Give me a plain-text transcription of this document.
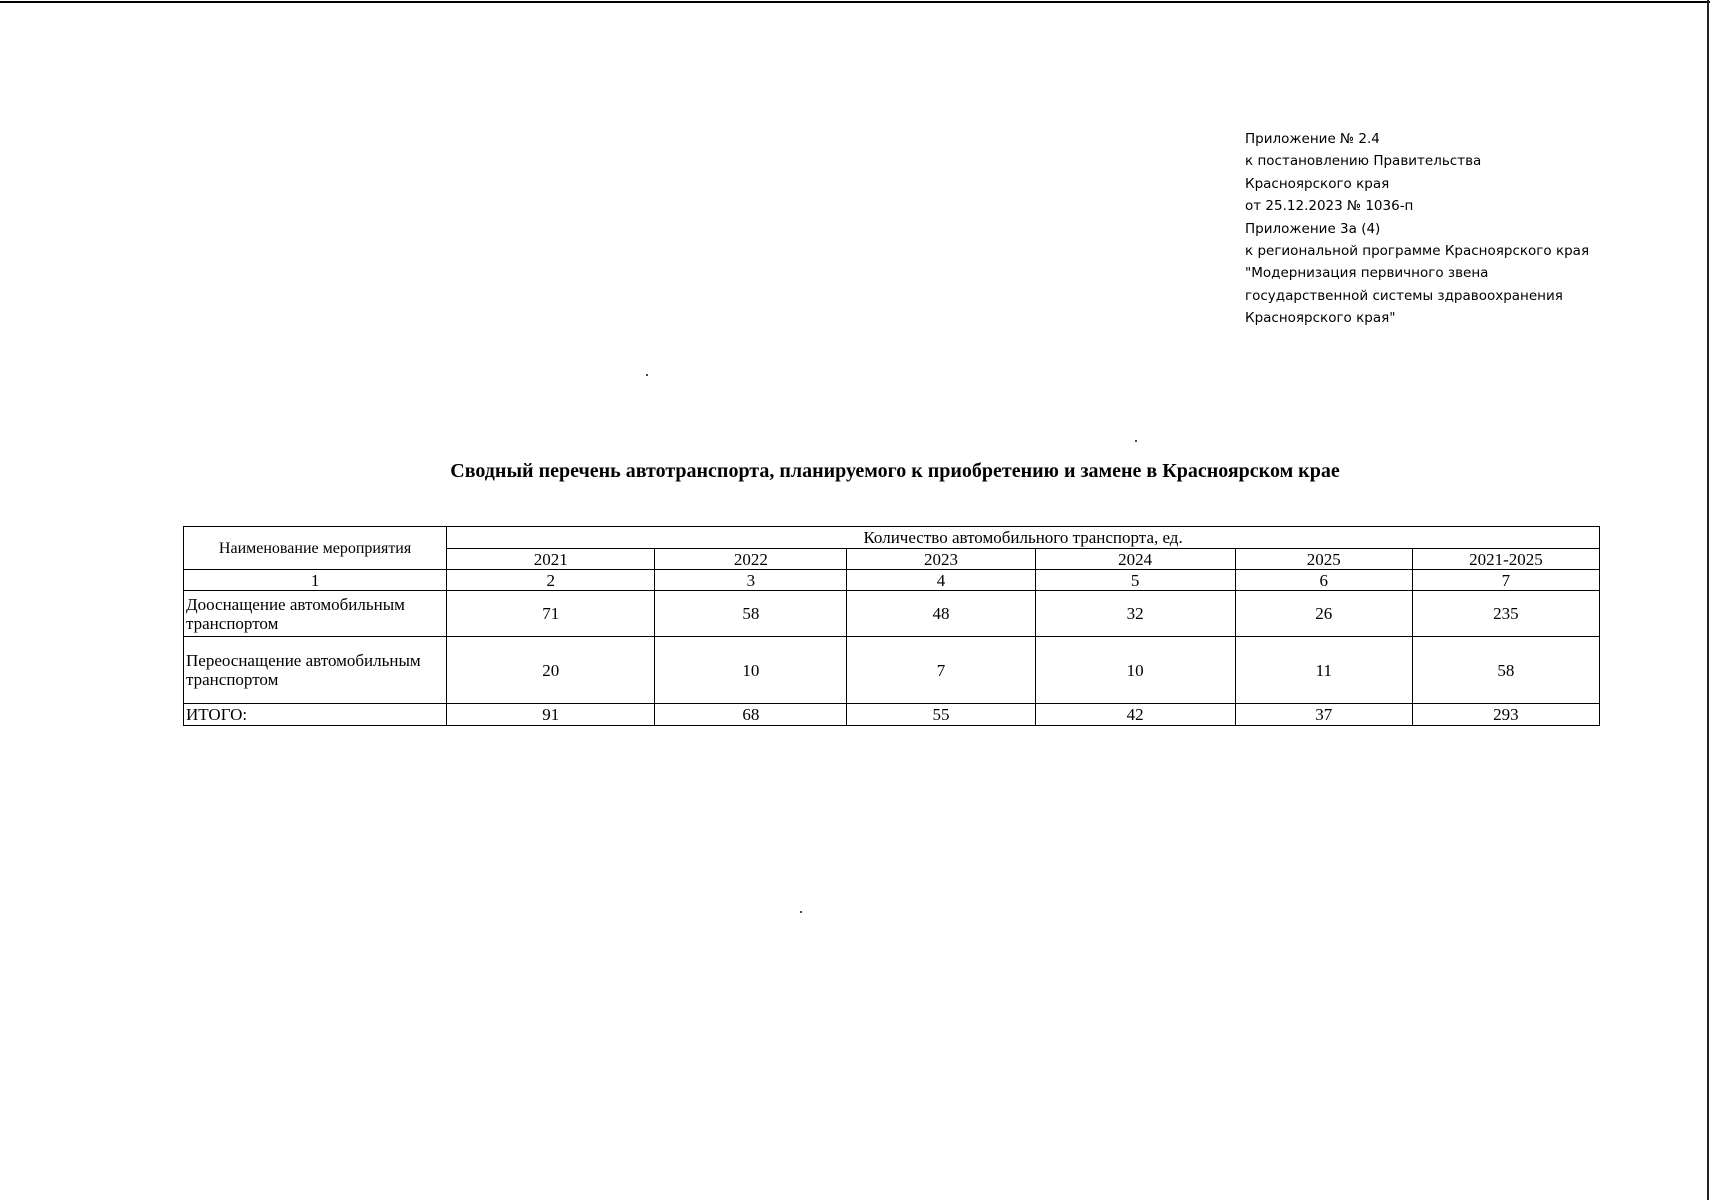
Приложение № 2.4
к постановлению Правительства
Красноярского края
от 25.12.2023 № 1036-п
Приложение 3а (4)
к региональной программе Красноярского края
"Модернизация первичного звена
государственной системы здравоохранения
Красноярского края"
Сводный перечень автотранспорта, планируемого к приобретению и замене в Красноярском крае
Наименование мероприятия	Количество автомобильного транспорта, ед.					
	2021	2022	2023	2024	2025	2021-2025
1	2	3	4	5	6	7
Дооснащение автомобильным транспортом	71	58	48	32	26	235
Переоснащение автомобильным транспортом	20	10	7	10	11	58
ИТОГО:	91	68	55	42	37	293
